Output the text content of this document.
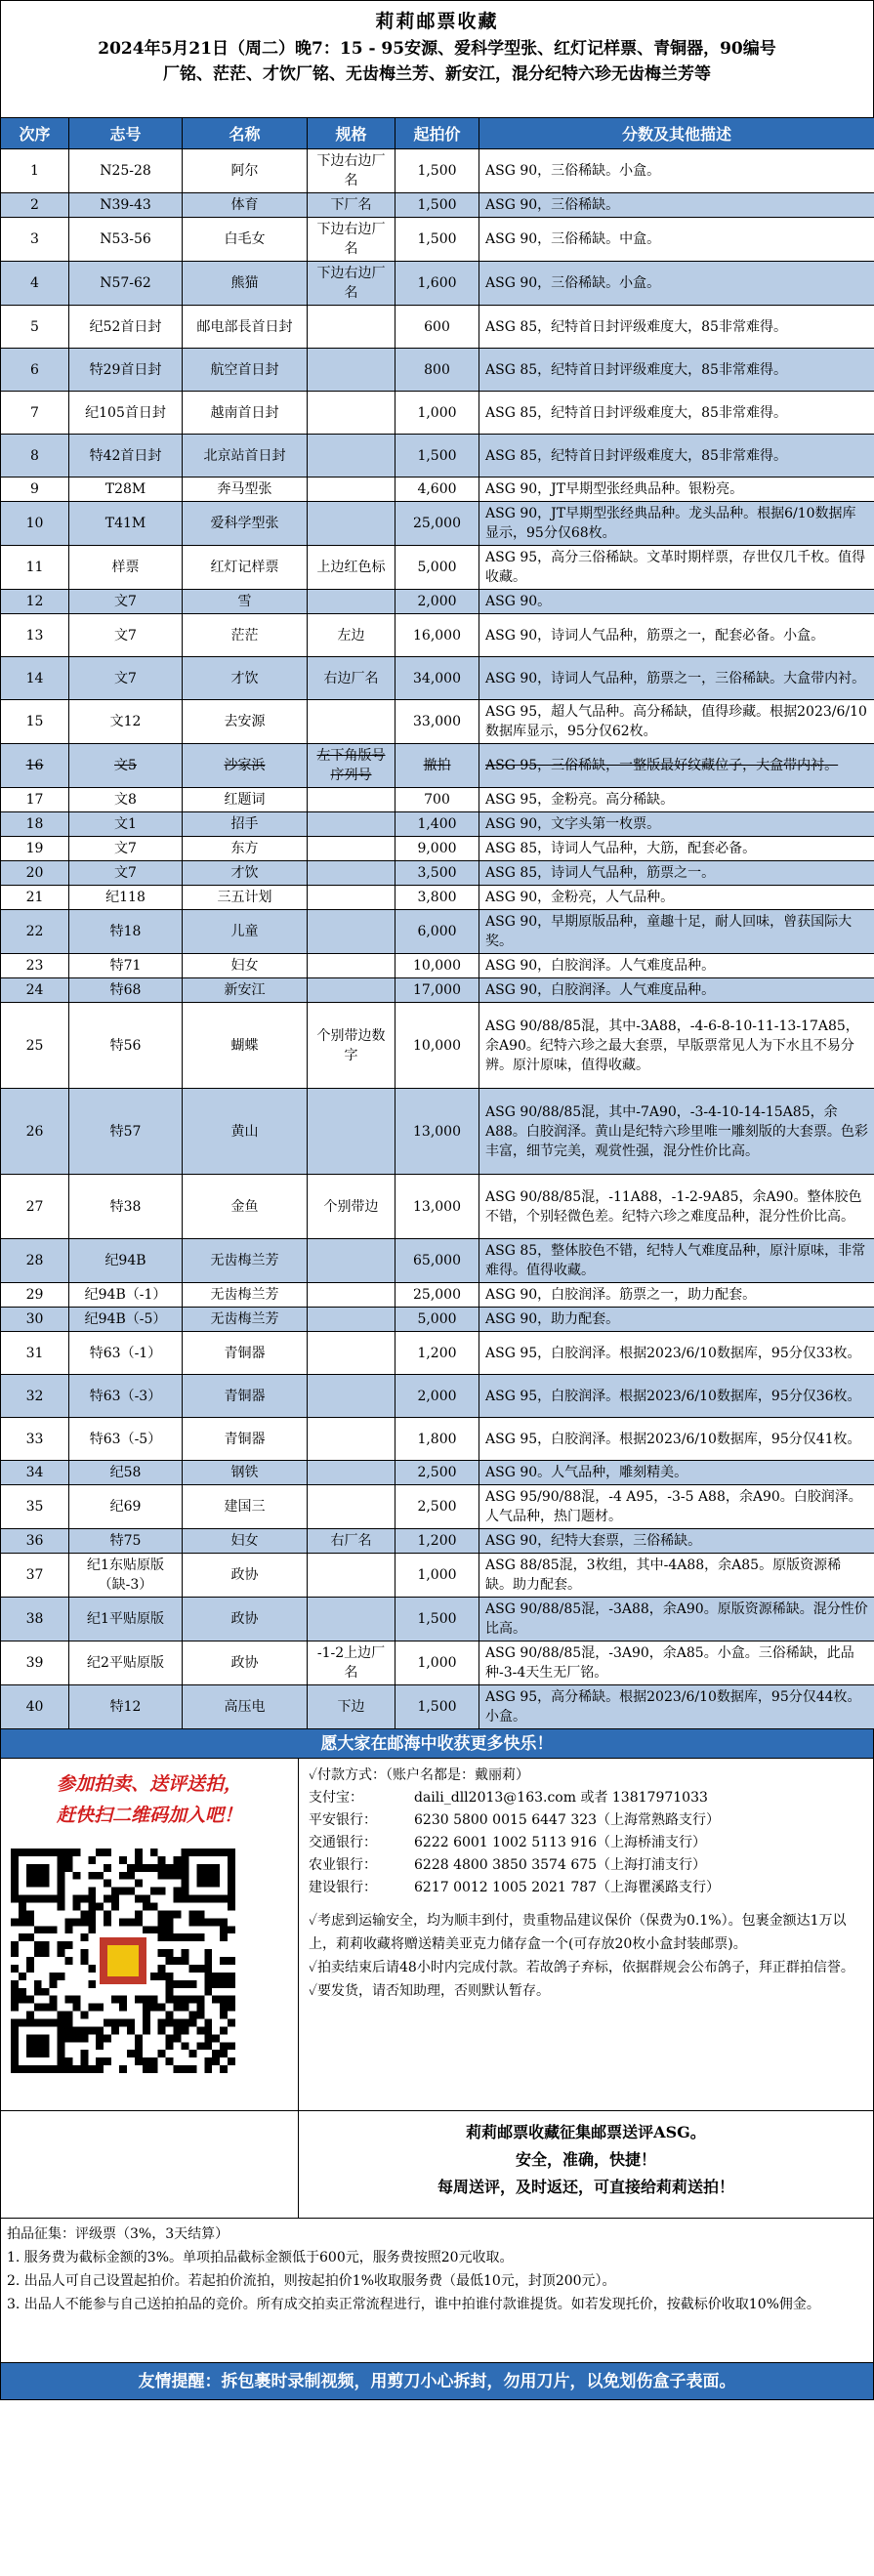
莉莉邮票收藏
2024年5月21日（周二）晚7：15 - 95安源、爱科学型张、红灯记样票、青铜器，90编号
厂铭、茫茫、才饮厂铭、无齿梅兰芳、新安江，混分纪特六珍无齿梅兰芳等
次序	志号	名称	规格	起拍价	分数及其他描述
1	N25-28	阿尔	下边右边厂名	1,500	ASG 90，三俗稀缺。小盒。
2	N39-43	体育	下厂名	1,500	ASG 90，三俗稀缺。
3	N53-56	白毛女	下边右边厂名	1,500	ASG 90，三俗稀缺。中盒。
4	N57-62	熊猫	下边右边厂名	1,600	ASG 90，三俗稀缺。小盒。
5	纪52首日封	邮电部長首日封		600	ASG 85，纪特首日封评级难度大，85非常难得。
6	特29首日封	航空首日封		800	ASG 85，纪特首日封评级难度大，85非常难得。
7	纪105首日封	越南首日封		1,000	ASG 85，纪特首日封评级难度大，85非常难得。
8	特42首日封	北京站首日封		1,500	ASG 85，纪特首日封评级难度大，85非常难得。
9	T28M	奔马型张		4,600	ASG 90，JT早期型张经典品种。银粉亮。
10	T41M	爱科学型张		25,000	ASG 90，JT早期型张经典品种。龙头品种。根据6/10数据库显示，95分仅68枚。
11	样票	红灯记样票	上边红色标	5,000	ASG 95，高分三俗稀缺。文革时期样票，存世仅几千枚。值得收藏。
12	文7	雪		2,000	ASG 90。
13	文7	茫茫	左边	16,000	ASG 90，诗词人气品种，筋票之一，配套必备。小盒。
14	文7	才饮	右边厂名	34,000	ASG 90，诗词人气品种，筋票之一，三俗稀缺。大盒带内衬。
15	文12	去安源		33,000	ASG 95，超人气品种。高分稀缺，值得珍藏。根据2023/6/10数据库显示，95分仅62枚。
16	文5	沙家浜	左下角版号序列号	撤拍	ASG 95，三俗稀缺，一整版最好纹藏位子，大盒带内衬。
17	文8	红题词		700	ASG 95，金粉亮。高分稀缺。
18	文1	招手		1,400	ASG 90，文字头第一枚票。
19	文7	东方		9,000	ASG 85，诗词人气品种，大筋，配套必备。
20	文7	才饮		3,500	ASG 85，诗词人气品种，筋票之一。
21	纪118	三五计划		3,800	ASG 90，金粉亮，人气品种。
22	特18	儿童		6,000	ASG 90，早期原版品种，童趣十足，耐人回味，曾获国际大奖。
23	特71	妇女		10,000	ASG 90，白胶润泽。人气难度品种。
24	特68	新安江		17,000	ASG 90，白胶润泽。人气难度品种。
25	特56	蝴蝶	个别带边数字	10,000	ASG 90/88/85混，其中-3A88，-4-6-8-10-11-13-17A85，余A90。纪特六珍之最大套票，早版票常见人为下水且不易分辨。原汁原味，值得收藏。
26	特57	黄山		13,000	ASG 90/88/85混，其中-7A90，-3-4-10-14-15A85，余A88。白胶润泽。黄山是纪特六珍里唯一雕刻版的大套票。色彩丰富，细节完美，观赏性强，混分性价比高。
27	特38	金鱼	个别带边	13,000	ASG 90/88/85混，-11A88，-1-2-9A85，余A90。整体胶色不错，个别轻微色差。纪特六珍之难度品种，混分性价比高。
28	纪94B	无齿梅兰芳		65,000	ASG 85，整体胶色不错，纪特人气难度品种，原汁原味，非常难得。值得收藏。
29	纪94B（-1）	无齿梅兰芳		25,000	ASG 90，白胶润泽。筋票之一，助力配套。
30	纪94B（-5）	无齿梅兰芳		5,000	ASG 90，助力配套。
31	特63（-1）	青铜器		1,200	ASG 95，白胶润泽。根据2023/6/10数据库，95分仅33枚。
32	特63（-3）	青铜器		2,000	ASG 95，白胶润泽。根据2023/6/10数据库，95分仅36枚。
33	特63（-5）	青铜器		1,800	ASG 95，白胶润泽。根据2023/6/10数据库，95分仅41枚。
34	纪58	钢铁		2,500	ASG 90。人气品种，雕刻精美。
35	纪69	建国三		2,500	ASG 95/90/88混，-4 A95，-3-5 A88，余A90。白胶润泽。人气品种，热门题材。
36	特75	妇女	右厂名	1,200	ASG 90，纪特大套票，三俗稀缺。
37	纪1东贴原版（缺-3）	政协		1,000	ASG 88/85混，3枚组，其中-4A88，余A85。原版资源稀缺。助力配套。
38	纪1平贴原版	政协		1,500	ASG 90/88/85混，-3A88，余A90。原版资源稀缺。混分性价比高。
39	纪2平贴原版	政协	-1-2上边厂名	1,000	ASG 90/88/85混，-3A90，余A85。小盒。三俗稀缺，此品种-3-4天生无厂铭。
40	特12	高压电	下边	1,500	ASG 95，高分稀缺。根据2023/6/10数据库，95分仅44枚。小盒。
愿大家在邮海中收获更多快乐！
参加拍卖、送评送拍，
赶快扫二维码加入吧！
✓付款方式：（账户名都是：戴丽莉）
支付宝：	daili_dll2013@163.com 或者 13817971033
平安银行：	6230 5800 0015 6447 323（上海常熟路支行）
交通银行：	6222 6001 1002 5113 916（上海桥浦支行）
农业银行：	6228 4800 3850 3574 675（上海打浦支行）
建设银行：	6217 0012 1005 2021 787（上海瞿溪路支行）
✓考虑到运输安全，均为顺丰到付，贵重物品建议保价（保费为0.1%）。包裹金额达1万以上，莉莉收藏将赠送精美亚克力储存盒一个(可存放20枚小盒封装邮票)。
✓拍卖结束后请48小时内完成付款。若故鸽子弃标，依据群规会公布鸽子，拜正群拍信誉。
✓要发货，请否知助理，否则默认暂存。
莉莉邮票收藏征集邮票送评ASG。
安全，准确，快捷！
每周送评，及时返还，可直接给莉莉送拍！
拍品征集：评级票（3%，3天结算）
1. 服务费为截标金额的3%。单项拍品截标金额低于600元，服务费按照20元收取。
2. 出品人可自己设置起拍价。若起拍价流拍，则按起拍价1%收取服务费（最低10元，封顶200元）。
3. 出品人不能参与自己送拍拍品的竞价。所有成交拍卖正常流程进行，谁中拍谁付款谁提货。如若发现托价，按截标价收取10%佣金。
友情提醒：拆包裹时录制视频，用剪刀小心拆封，勿用刀片，以免划伤盒子表面。
